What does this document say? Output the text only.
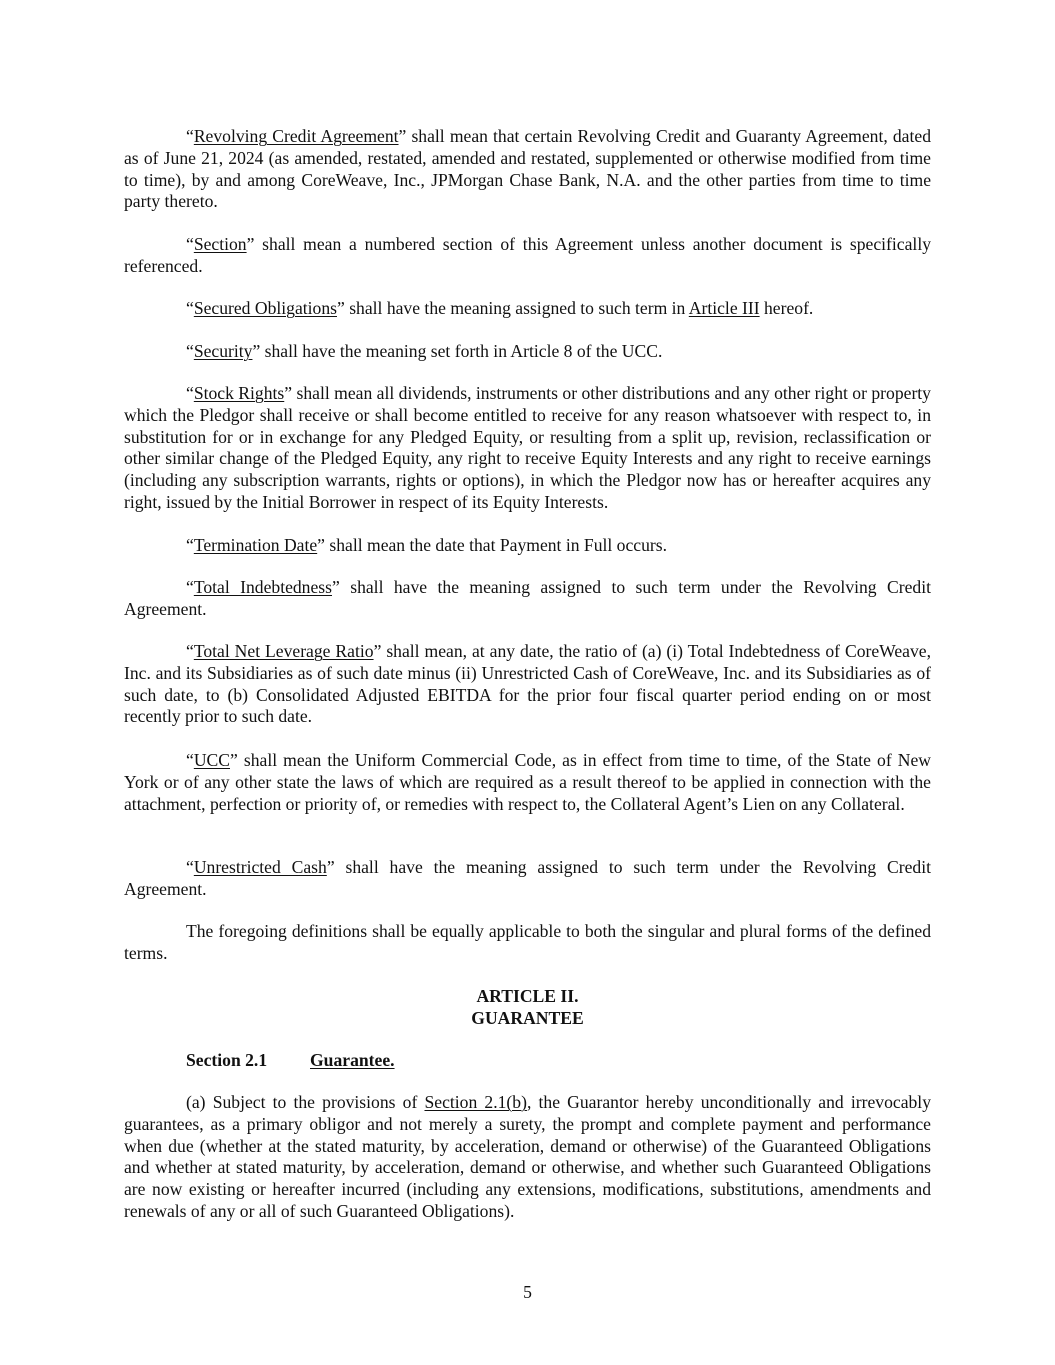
“Revolving Credit Agreement” shall mean that certain Revolving Credit and Guaranty Agreement, dated as of June 21, 2024 (as amended, restated, amended and restated, supplemented or otherwise modified from time to time), by and among CoreWeave, Inc., JPMorgan Chase Bank, N.A. and the other parties from time to time party thereto.

“Section” shall mean a numbered section of this Agreement unless another document is specifically referenced.

“Secured Obligations” shall have the meaning assigned to such term in Article III hereof.

“Security” shall have the meaning set forth in Article 8 of the UCC.

“Stock Rights” shall mean all dividends, instruments or other distributions and any other right or property which the Pledgor shall receive or shall become entitled to receive for any reason whatsoever with respect to, in substitution for or in exchange for any Pledged Equity, or resulting from a split up, revision, reclassification or other similar change of the Pledged Equity, any right to receive Equity Interests and any right to receive earnings (including any subscription warrants, rights or options), in which the Pledgor now has or hereafter acquires any right, issued by the Initial Borrower in respect of its Equity Interests.

“Termination Date” shall mean the date that Payment in Full occurs.

“Total Indebtedness” shall have the meaning assigned to such term under the Revolving Credit Agreement.

“Total Net Leverage Ratio” shall mean, at any date, the ratio of (a) (i) Total Indebtedness of CoreWeave, Inc. and its Subsidiaries as of such date minus (ii) Unrestricted Cash of CoreWeave, Inc. and its Subsidiaries as of such date, to (b) Consolidated Adjusted EBITDA for the prior four fiscal quarter period ending on or most recently prior to such date.

“UCC” shall mean the Uniform Commercial Code, as in effect from time to time, of the State of New York or of any other state the laws of which are required as a result thereof to be applied in connection with the attachment, perfection or priority of, or remedies with respect to, the Collateral Agent’s Lien on any Collateral.

“Unrestricted Cash” shall have the meaning assigned to such term under the Revolving Credit Agreement.

The foregoing definitions shall be equally applicable to both the singular and plural forms of the defined terms.

ARTICLE II.

GUARANTEE

Section 2.1 Guarantee.

(a) Subject to the provisions of Section 2.1(b), the Guarantor hereby unconditionally and irrevocably guarantees, as a primary obligor and not merely a surety, the prompt and complete payment and performance when due (whether at the stated maturity, by acceleration, demand or otherwise) of the Guaranteed Obligations and whether at stated maturity, by acceleration, demand or otherwise, and whether such Guaranteed Obligations are now existing or hereafter incurred (including any extensions, modifications, substitutions, amendments and renewals of any or all of such Guaranteed Obligations).

5
